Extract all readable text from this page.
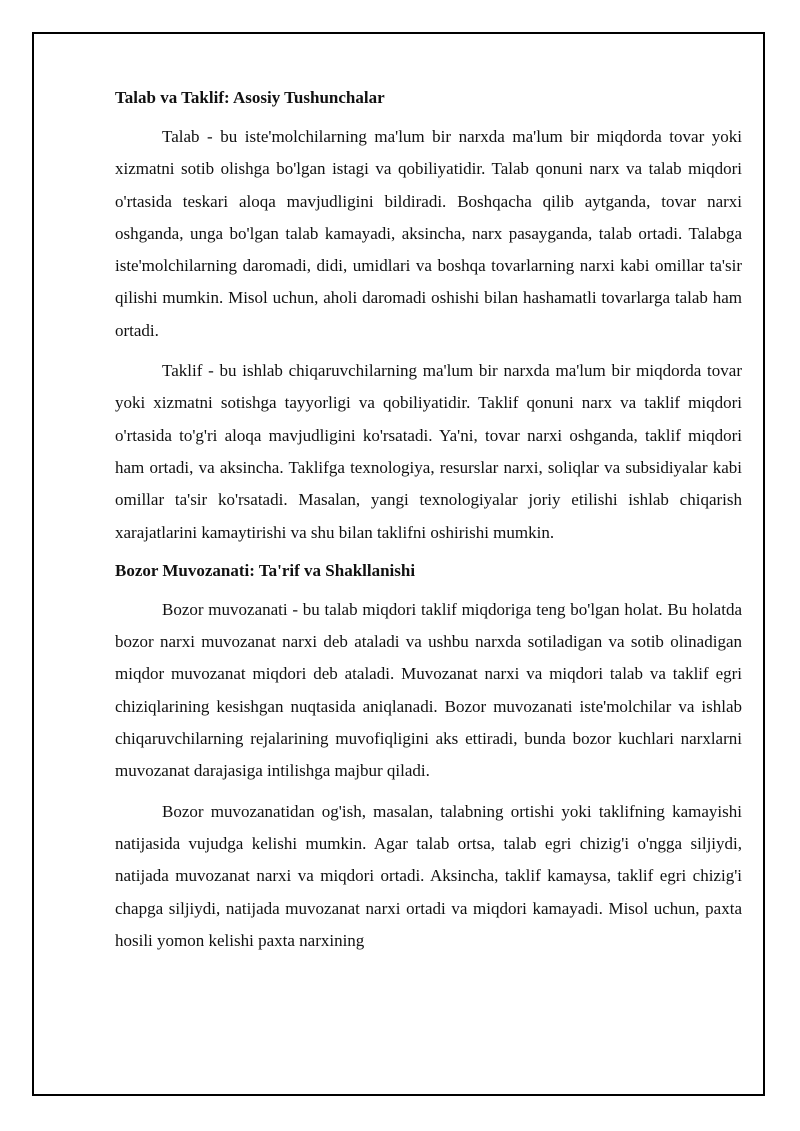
Talab va Taklif: Asosiy Tushunchalar

Talab - bu iste'molchilarning ma'lum bir narxda ma'lum bir miqdorda tovar yoki xizmatni sotib olishga bo'lgan istagi va qobiliyatidir. Talab qonuni narx va talab miqdori o'rtasida teskari aloqa mavjudligini bildiradi. Boshqacha qilib aytganda, tovar narxi oshganda, unga bo'lgan talab kamayadi, aksincha, narx pasayganda, talab ortadi. Talabga iste'molchilarning daromadi, didi, umidlari va boshqa tovarlarning narxi kabi omillar ta'sir qilishi mumkin. Misol uchun, aholi daromadi oshishi bilan hashamatli tovarlarga talab ham ortadi.

Taklif - bu ishlab chiqaruvchilarning ma'lum bir narxda ma'lum bir miqdorda tovar yoki xizmatni sotishga tayyorligi va qobiliyatidir. Taklif qonuni narx va taklif miqdori o'rtasida to'g'ri aloqa mavjudligini ko'rsatadi. Ya'ni, tovar narxi oshganda, taklif miqdori ham ortadi, va aksincha. Taklifga texnologiya, resurslar narxi, soliqlar va subsidiyalar kabi omillar ta'sir ko'rsatadi. Masalan, yangi texnologiyalar joriy etilishi ishlab chiqarish xarajatlarini kamaytirishi va shu bilan taklifni oshirishi mumkin.

Bozor Muvozanati: Ta'rif va Shakllanishi

Bozor muvozanati - bu talab miqdori taklif miqdoriga teng bo'lgan holat. Bu holatda bozor narxi muvozanat narxi deb ataladi va ushbu narxda sotiladigan va sotib olinadigan miqdor muvozanat miqdori deb ataladi. Muvozanat narxi va miqdori talab va taklif egri chiziqlarining kesishgan nuqtasida aniqlanadi. Bozor muvozanati iste'molchilar va ishlab chiqaruvchilarning rejalarining muvofiqligini aks ettiradi, bunda bozor kuchlari narxlarni muvozanat darajasiga intilishga majbur qiladi.

Bozor muvozanatidan og'ish, masalan, talabning ortishi yoki taklifning kamayishi natijasida vujudga kelishi mumkin. Agar talab ortsa, talab egri chizig'i o'ngga siljiydi, natijada muvozanat narxi va miqdori ortadi. Aksincha, taklif kamaysa, taklif egri chizig'i chapga siljiydi, natijada muvozanat narxi ortadi va miqdori kamayadi. Misol uchun, paxta hosili yomon kelishi paxta narxining
